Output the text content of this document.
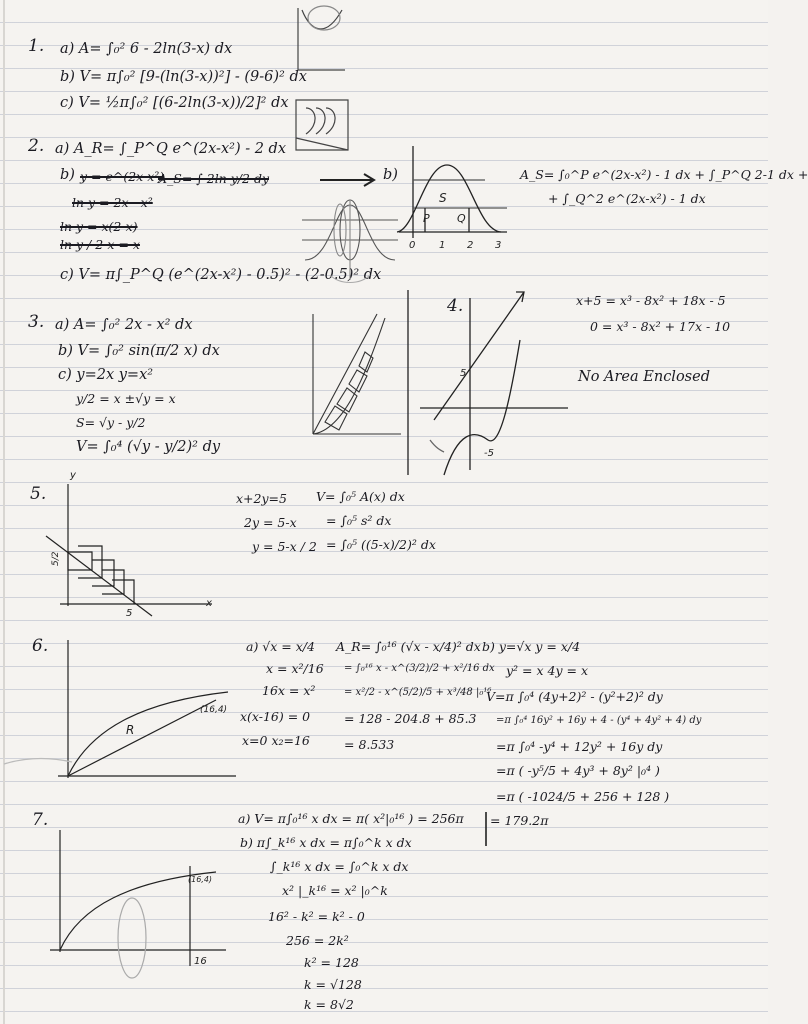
1. a) A= ∫₀² 6 - 2ln(3-x) dx
b) V= π∫₀² [9-(ln(3-x))²] - (9-6)² dx
c) V= ½π∫₀² [(6-2ln(3-x))/2]² dx
2. a) A_R= ∫_P^Q e^(2x-x²) - 2 dx
b) y = e^(2x-x²)
A_S= ∫ 2ln y/2 dy
ln y = 2x - x²
ln y = x(2-x)
ln y / 2-x = x
c) V= π∫_P^Q (e^(2x-x²) - 0.5)² - (2-0.5)² dx
b)
S
P Q
0 1 2 3
A_S= ∫₀^P e^(2x-x²) - 1 dx + ∫_P^Q 2-1 dx +
+ ∫_Q^2 e^(2x-x²) - 1 dx
3. a) A= ∫₀² 2x - x² dx
b) V= ∫₀² sin(π/2 x) dx
c) y=2x y=x²
y/2 = x ±√y = x
S= √y - y/2
V= ∫₀⁴ (√y - y/2)² dy
4.	x+5 = x³ - 8x² + 18x - 5
0 = x³ - 8x² + 17x - 10
No Area Enclosed
5
-5
5.	x+2y=5
2y = 5-x
y = 5-x / 2
V= ∫₀⁵ A(x) dx
= ∫₀⁵ s² dx
= ∫₀⁵ ((5-x)/2)² dx
y
x
5/2
5
6.	a) √x = x/4
x = x²/16
16x = x²
x(x-16) = 0
x=0 x₂=16
A_R= ∫₀¹⁶ (√x - x/4)² dx
= ∫₀¹⁶ x - x^(3/2)/2 + x²/16 dx
= x²/2 - x^(5/2)/5 + x³/48 |₀¹⁶
= 128 - 204.8 + 85.3
= 8.533
b) y=√x y = x/4
y² = x 4y = x
V=π ∫₀⁴ (4y+2)² - (y²+2)² dy
=π ∫₀⁴ 16y² + 16y + 4 - (y⁴ + 4y² + 4) dy
=π ∫₀⁴ -y⁴ + 12y² + 16y dy
=π ( -y⁵/5 + 4y³ + 8y² |₀⁴ )
=π ( -1024/5 + 256 + 128 )
= 179.2π
R
(16,4)
7.	a) V= π∫₀¹⁶ x dx = π( x²|₀¹⁶ ) = 256π
b) π∫_k¹⁶ x dx = π∫₀^k x dx
∫_k¹⁶ x dx = ∫₀^k x dx
x² |_k¹⁶ = x² |₀^k
16² - k² = k² - 0
256 = 2k²
k² = 128
k = √128
k = 8√2
(16,4)
16
